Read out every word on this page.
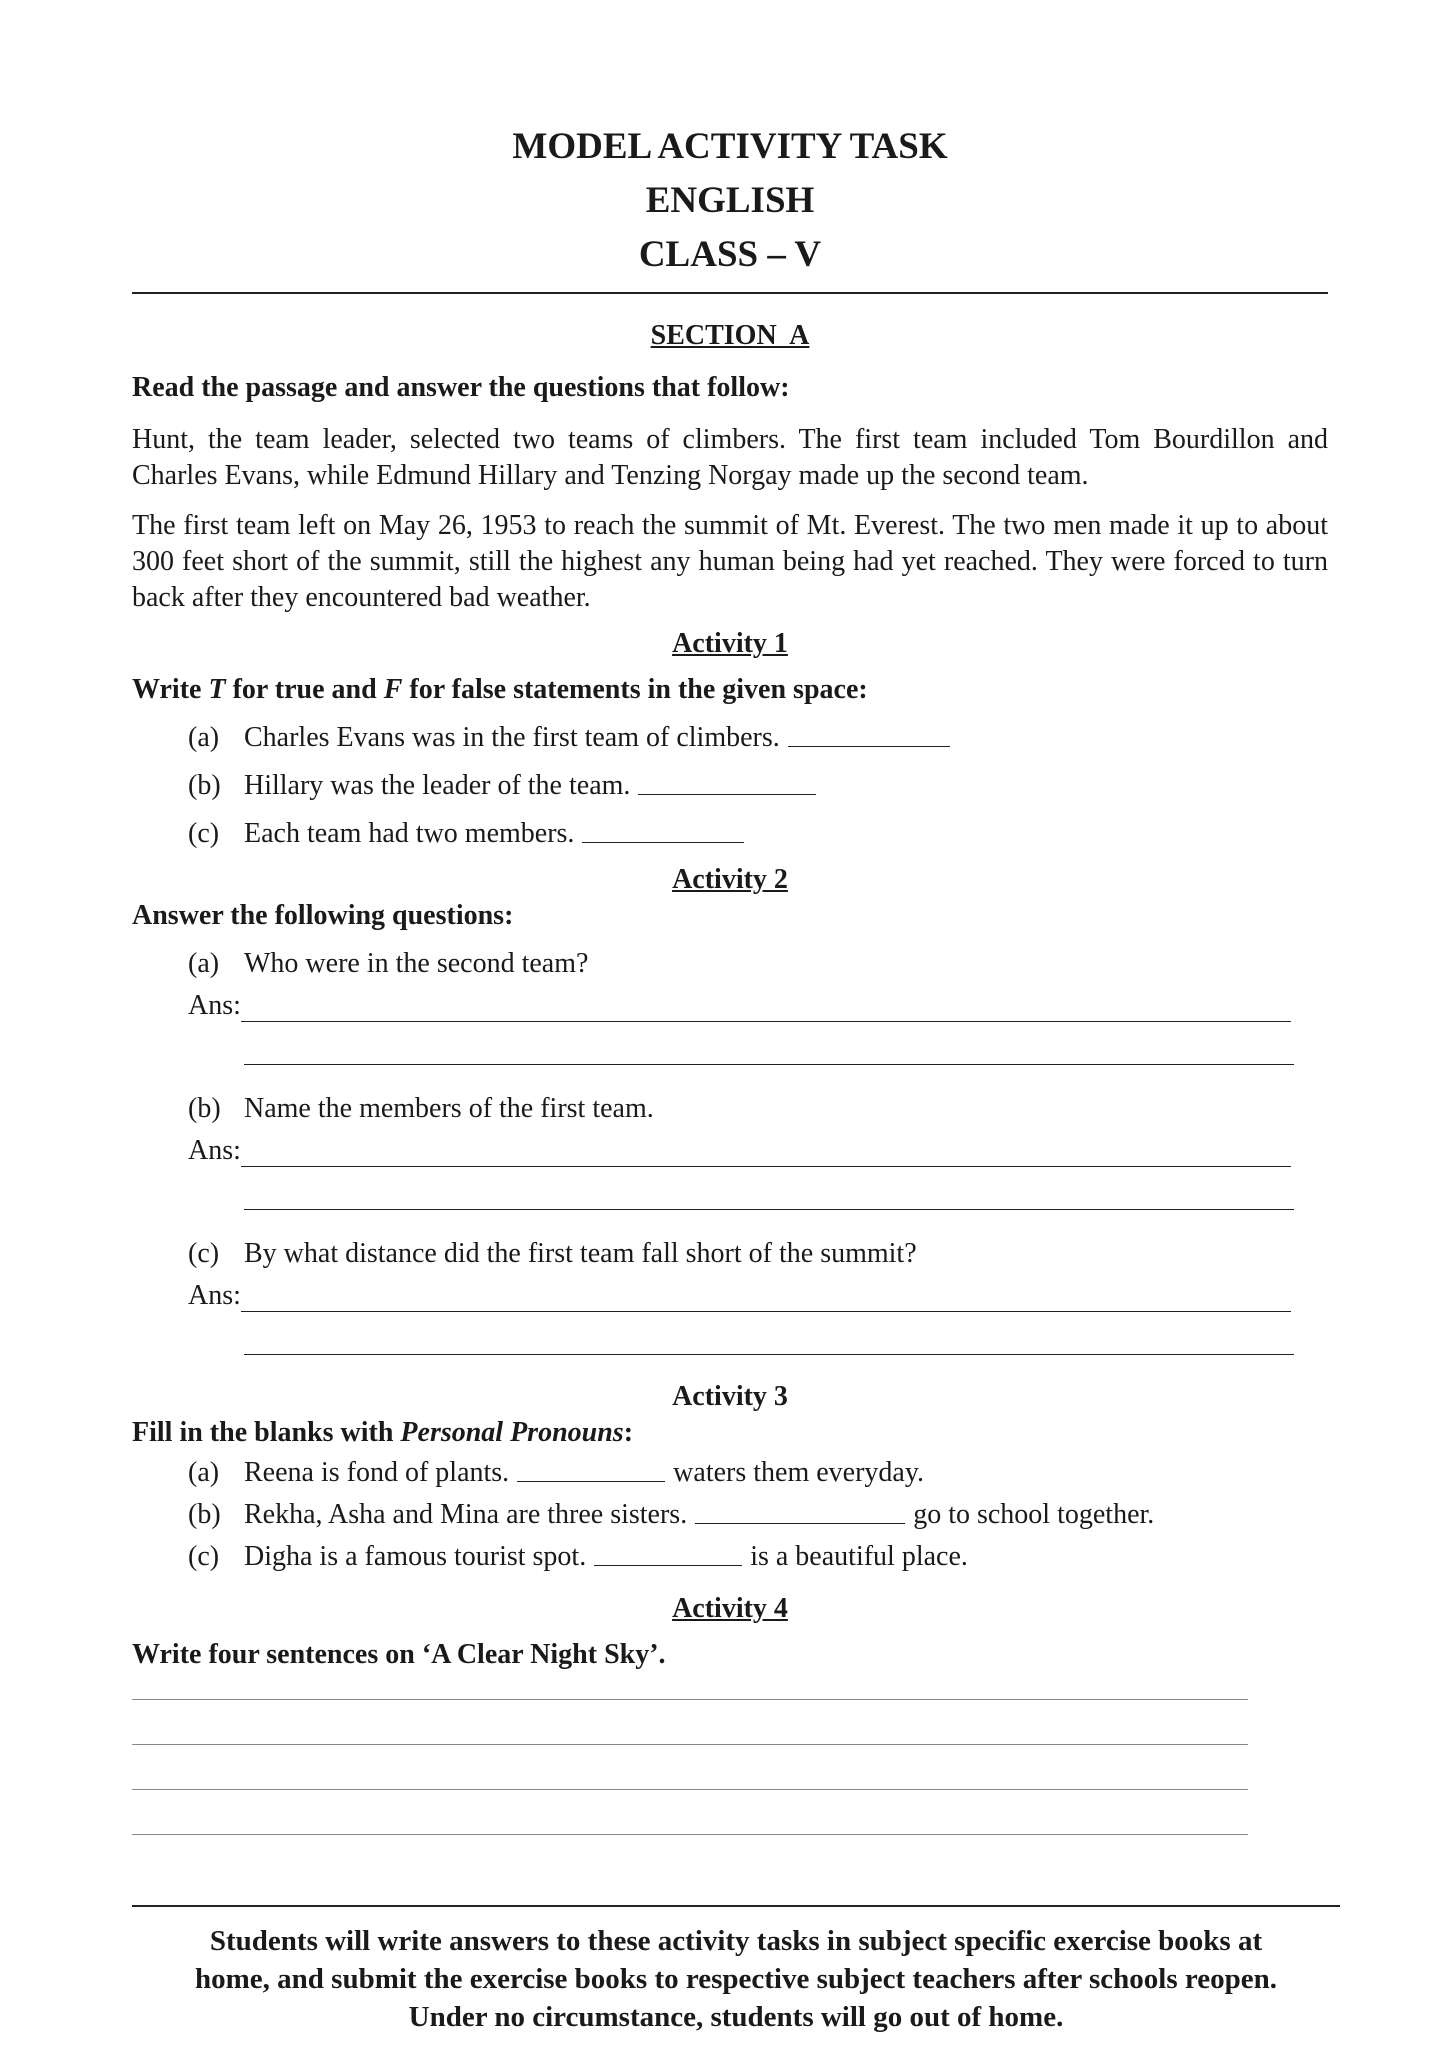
MODEL ACTIVITY TASK

ENGLISH

CLASS – V

SECTION  A
Read the passage and answer the questions that follow:

Hunt, the team leader, selected two teams of climbers. The first team included Tom Bourdillon and Charles Evans, while Edmund Hillary and Tenzing Norgay made up the second team.

The first team left on May 26, 1953 to reach the summit of Mt. Everest. The two men made it up to about 300 feet short of the summit, still the highest any human being had yet reached. They were forced to turn back after they encountered bad weather.

Activity 1
Write T for true and F for false statements in the given space:
(a) Charles Evans was in the first team of climbers.
(b) Hillary was the leader of the team.
(c) Each team had two members.
Activity 2
Answer the following questions:
(a) Who were in the second team?
Ans:
(b) Name the members of the first team.
Ans:
(c) By what distance did the first team fall short of the summit?
Ans:
Activity 3
Fill in the blanks with Personal Pronouns:
(a) Reena is fond of plants.	waters them everyday.
(b) Rekha, Asha and Mina are three sisters.	go to school together.
(c) Digha is a famous tourist spot.	is a beautiful place.
Activity 4
Write four sentences on ‘A Clear Night Sky’.
Students will write answers to these activity tasks in subject specific exercise books at
home, and submit the exercise books to respective subject teachers after schools reopen.
Under no circumstance, students will go out of home.
